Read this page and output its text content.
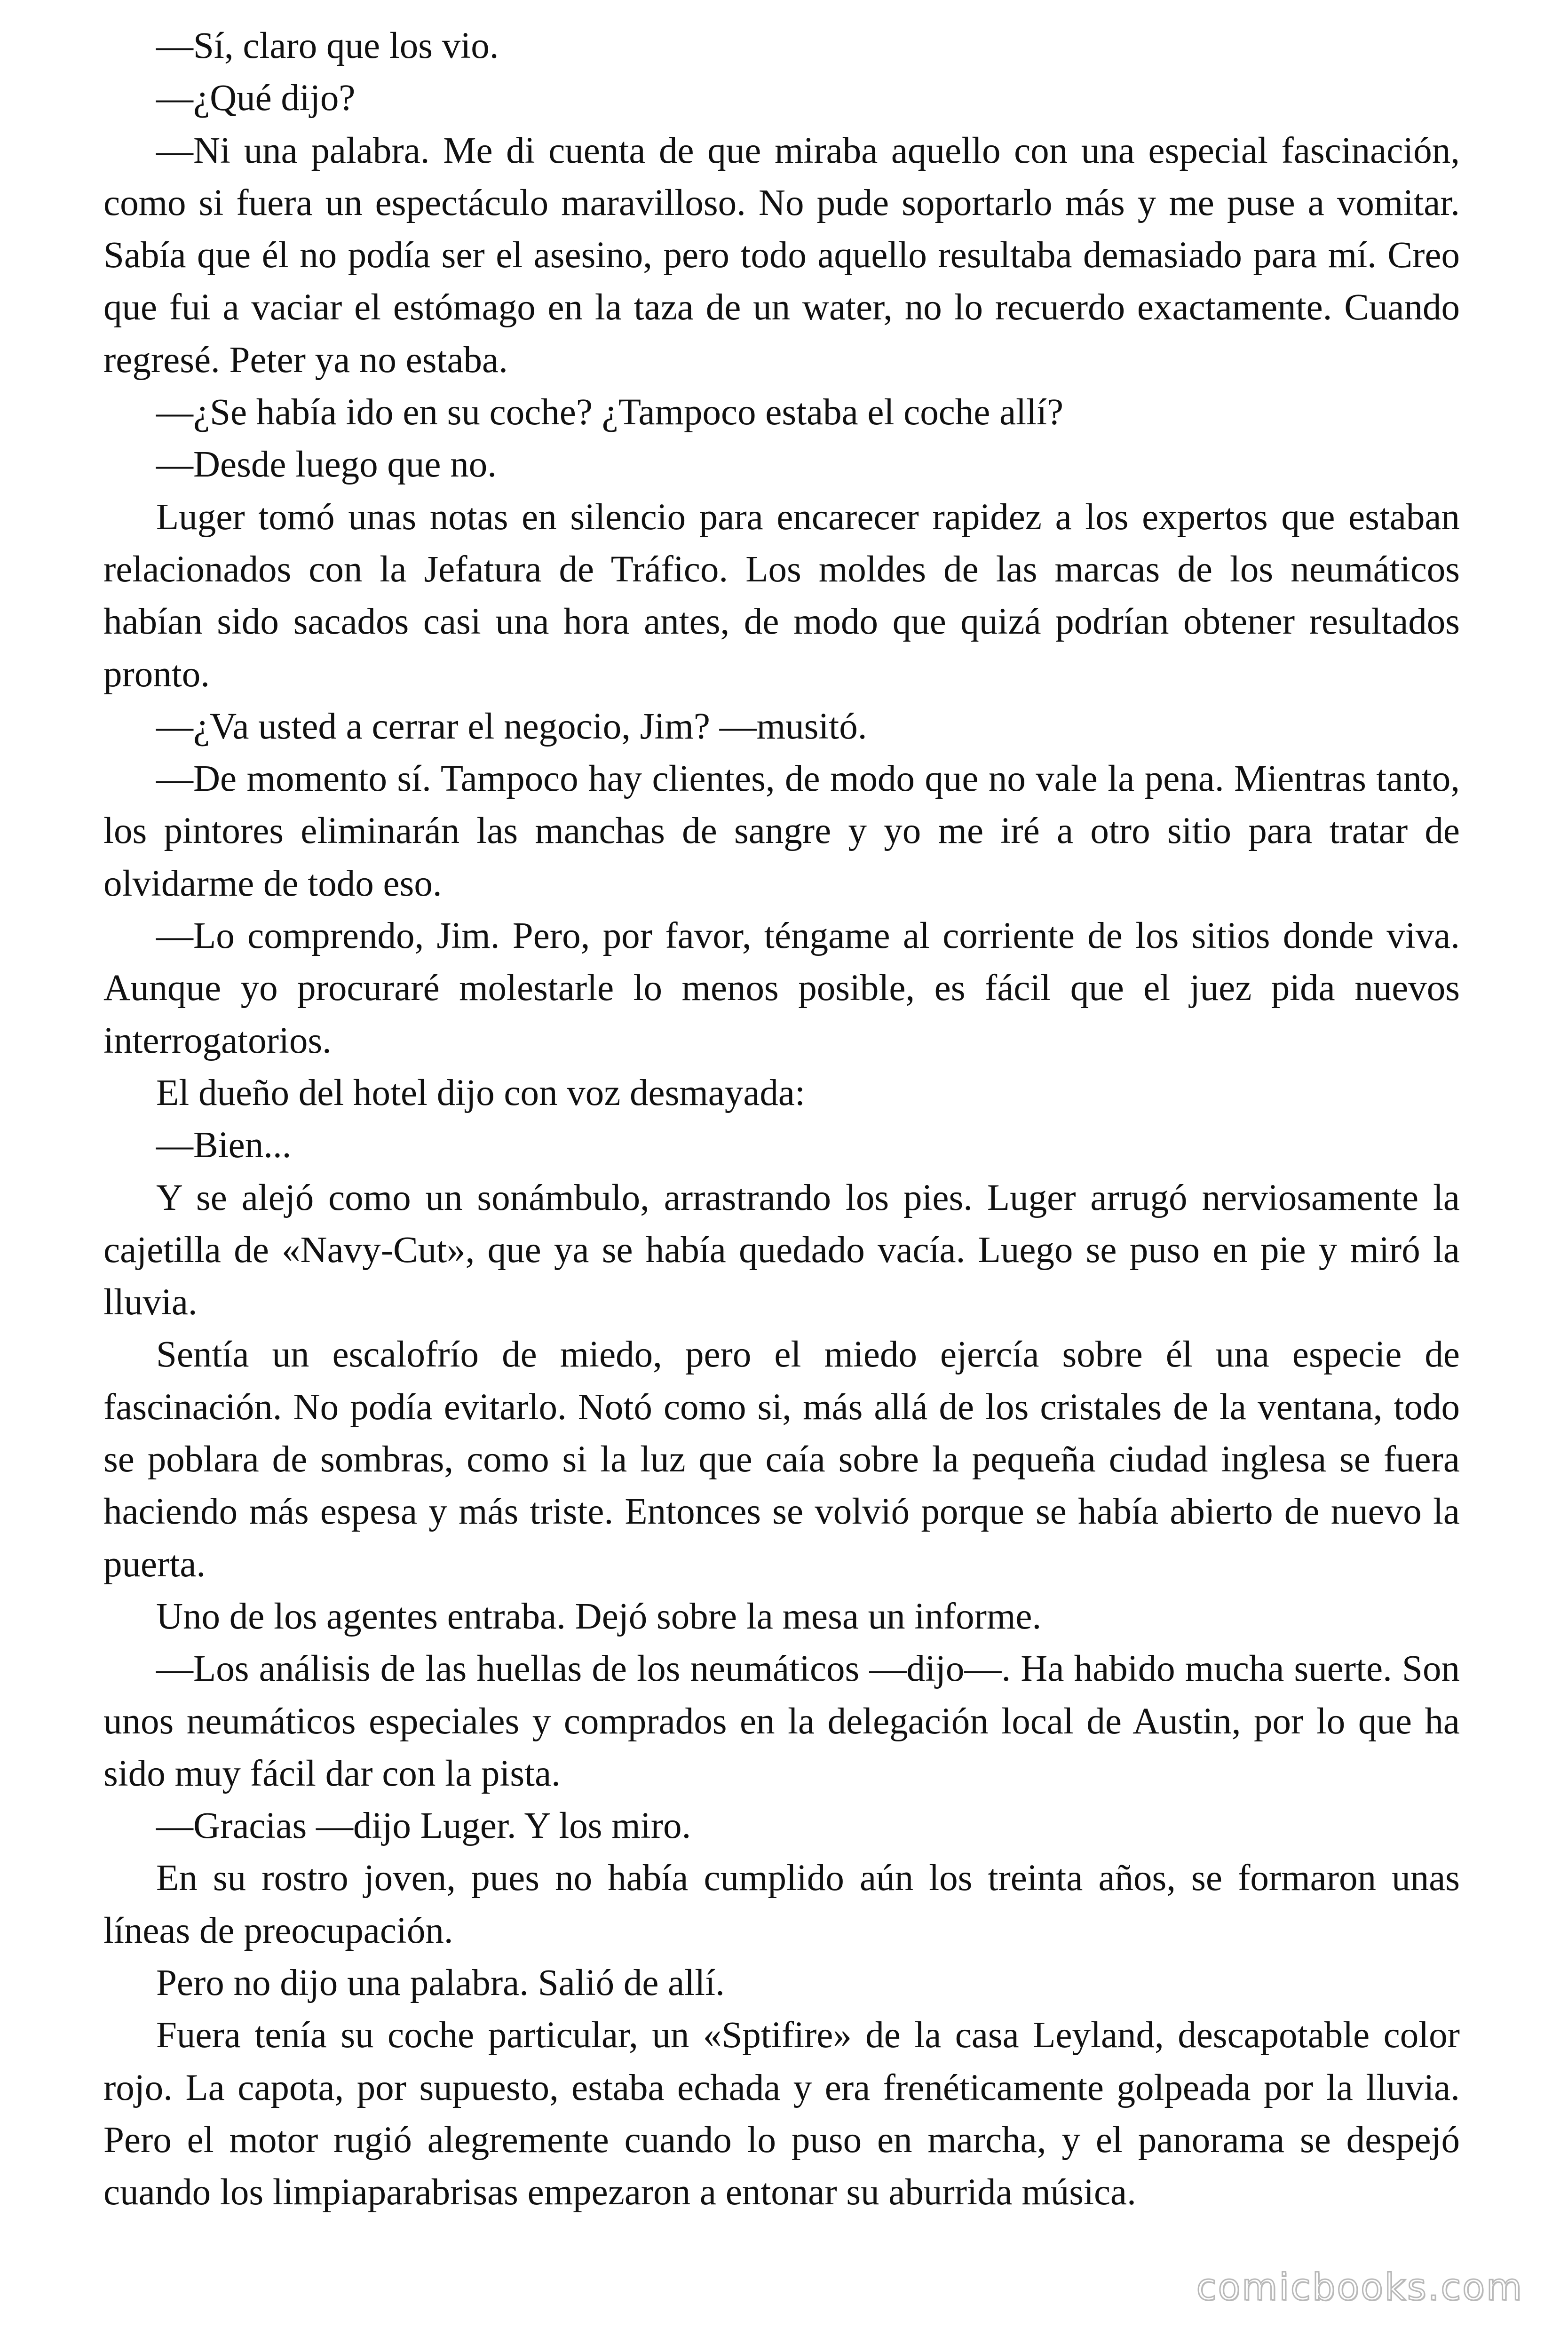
—Sí, claro que los vio.

—¿Qué dijo?

—Ni una palabra. Me di cuenta de que miraba aquello con una especial fascinación, como si fuera un espectáculo maravilloso. No pude soportarlo más y me puse a vomitar. Sabía que él no podía ser el asesino, pero todo aquello resultaba demasiado para mí. Creo que fui a vaciar el estómago en la taza de un water, no lo recuerdo exactamente. Cuando regresé. Peter ya no estaba.

—¿Se había ido en su coche? ¿Tampoco estaba el coche allí?

—Desde luego que no.

Luger tomó unas notas en silencio para encarecer rapidez a los expertos que estaban relacionados con la Jefatura de Tráfico. Los moldes de las marcas de los neumáticos habían sido sacados casi una hora antes, de modo que quizá podrían obtener resultados pronto.

—¿Va usted a cerrar el negocio, Jim? —musitó.

—De momento sí. Tampoco hay clientes, de modo que no vale la pena. Mientras tanto, los pintores eliminarán las manchas de sangre y yo me iré a otro sitio para tratar de olvidarme de todo eso.

—Lo comprendo, Jim. Pero, por favor, téngame al corriente de los sitios donde viva. Aunque yo procuraré molestarle lo menos posible, es fácil que el juez pida nuevos interrogatorios.

El dueño del hotel dijo con voz desmayada:

—Bien...

Y se alejó como un sonámbulo, arrastrando los pies. Luger arrugó nerviosamente la cajetilla de «Navy-Cut», que ya se había quedado vacía. Luego se puso en pie y miró la lluvia.

Sentía un escalofrío de miedo, pero el miedo ejercía sobre él una especie de fascinación. No podía evitarlo. Notó como si, más allá de los cristales de la ventana, todo se poblara de sombras, como si la luz que caía sobre la pequeña ciudad inglesa se fuera haciendo más espesa y más triste. Entonces se volvió porque se había abierto de nuevo la puerta.

Uno de los agentes entraba. Dejó sobre la mesa un informe.

—Los análisis de las huellas de los neumáticos —dijo—. Ha habido mucha suerte. Son unos neumáticos especiales y comprados en la delegación local de Austin, por lo que ha sido muy fácil dar con la pista.

—Gracias —dijo Luger. Y los miro.

En su rostro joven, pues no había cumplido aún los treinta años, se formaron unas líneas de preocupación.

Pero no dijo una palabra. Salió de allí.

Fuera tenía su coche particular, un «Sptifire» de la casa Leyland, descapotable color rojo. La capota, por supuesto, estaba echada y era frenéticamente golpeada por la lluvia. Pero el motor rugió alegremente cuando lo puso en marcha, y el panorama se despejó cuando los limpiaparabrisas empezaron a entonar su aburrida música.

comicbooks.com
